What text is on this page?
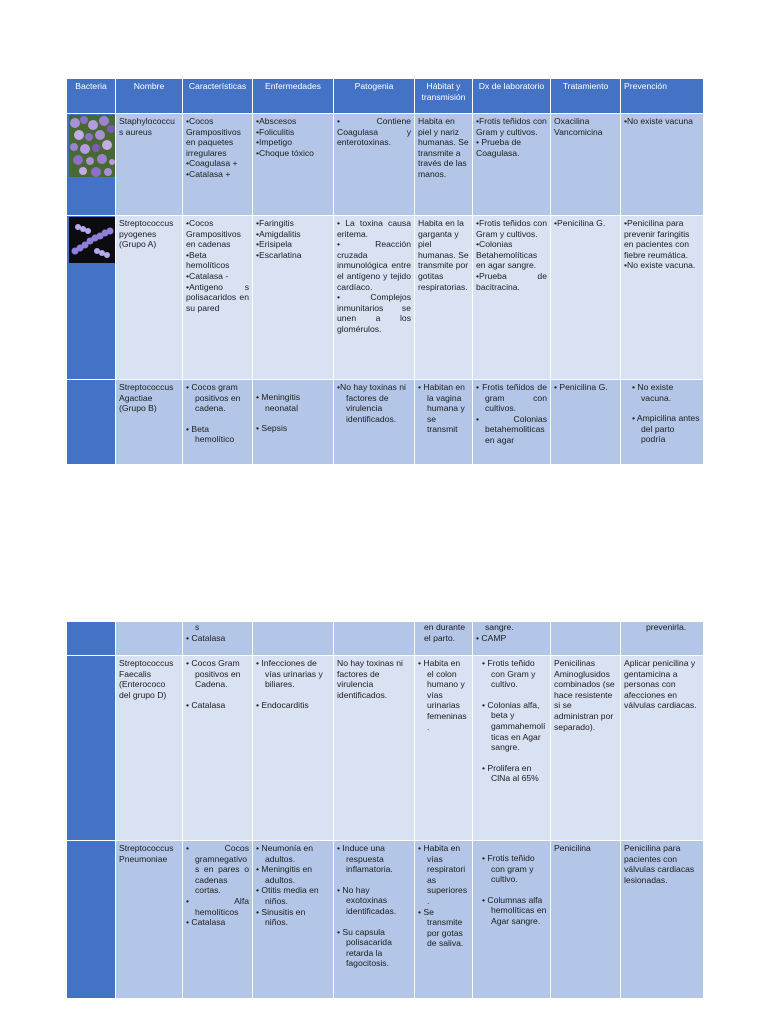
Bacteria	Nombre	Características	Enfermedades	Patogenia	Hábitat y transmisión	Dx de laboratorio	Tratamiento	Prevención
	Staphylococcus aureus	•Cocos Grampositivos en paquetes irregulares
•Coagulasa +
•Catalasa +	•Abscesos
•Foliculitis
•Impetigo
•Choque tóxico	• Contiene Coagulasa y enterotoxinas.	Habita en piel y nariz humanas. Se transmite a través de las manos.	•Frotis teñidos con Gram y cultivos.
• Prueba de Coagulasa.	Oxacilina
Vancomicina	•No existe vacuna

	Streptococcus pyogenes (Grupo A)	•Cocos Grampositivos en cadenas
•Beta hemolíticos
•Catalasa -
•Antigeno s polisacaridos en su pared	•Faringitis
•Amigdalitis
•Erisipela
•Escarlatina	• La toxina causa eritema.
• Reacción cruzada inmunológica entre el antígeno y tejido cardíaco.
• Complejos inmunitarios se unen a los glomérulos.	Habita en la garganta y piel humanas. Se transmite por gotitas respiratorias.	•Frotis teñidos con Gram y cultivos.
•Colonias Betahemolíticas en agar sangre.
•Prueba de bacitracina.	•Penicilina G.	•Penicilina para prevenir faringitis en pacientes con fiebre reumática.
•No existe vacuna.

	Streptococcus Agactiae (Grupo B)	• Cocos gram positivos en cadena.
• Beta hemolítico	• Meningitis neonatal
• Sepsis	•No hay toxinas ni factores de virulencia identificados.	• Habitan en la vagina humana y se transmit	• Frotis teñidos de gram con cultivos.
• Colonias betahemoliticas en agar	• Penicilina G.	• No existe vacuna.
• Ampicilina antes del parto podría

		s
• Catalasa			en durante el parto.	sangre.
• CAMP		prevenirla.

	Streptococcus Faecalis (Enterococo del grupo D)	• Cocos Gram positivos en Cadena.
• Catalasa	• Infecciones de vías urinarias y biliares.
• Endocarditis	No hay toxinas ni factores de virulencia identificados.	• Habita en el colon humano y vías urinarias femeninas.	• Frotis teñido con Gram y cultivo.
• Colonias alfa, beta y gammahemolíticas en Agar sangre.
• Prolifera en ClNa al 65%	Penicilinas Aminoglusidos combinados (se hace resistente si se administran por separado).	Aplicar penicilina y gentamicina a personas con afecciones en válvulas cardiacas.

	Streptococcus Pneumoniae	• Cocos gramnegativos en pares o cadenas cortas.
• Alfa hemolíticos
• Catalasa	• Neumonía en adultos.
• Meningitis en adultos.
• Otitis media en niños.
• Sinusitis en niños.	• Induce una respuesta inflamatoria.
• No hay exotoxinas identificadas.
• Su capsula polisacarida retarda la fagocitosis.	• Habita en vías respiratorias superiores.
• Se transmite por gotas de saliva.	• Frotis teñido con gram y cultivo.
• Columnas alfa hemolíticas en Agar sangre.	Penicilina	Penicilina para pacientes con válvulas cardiacas lesionadas.
